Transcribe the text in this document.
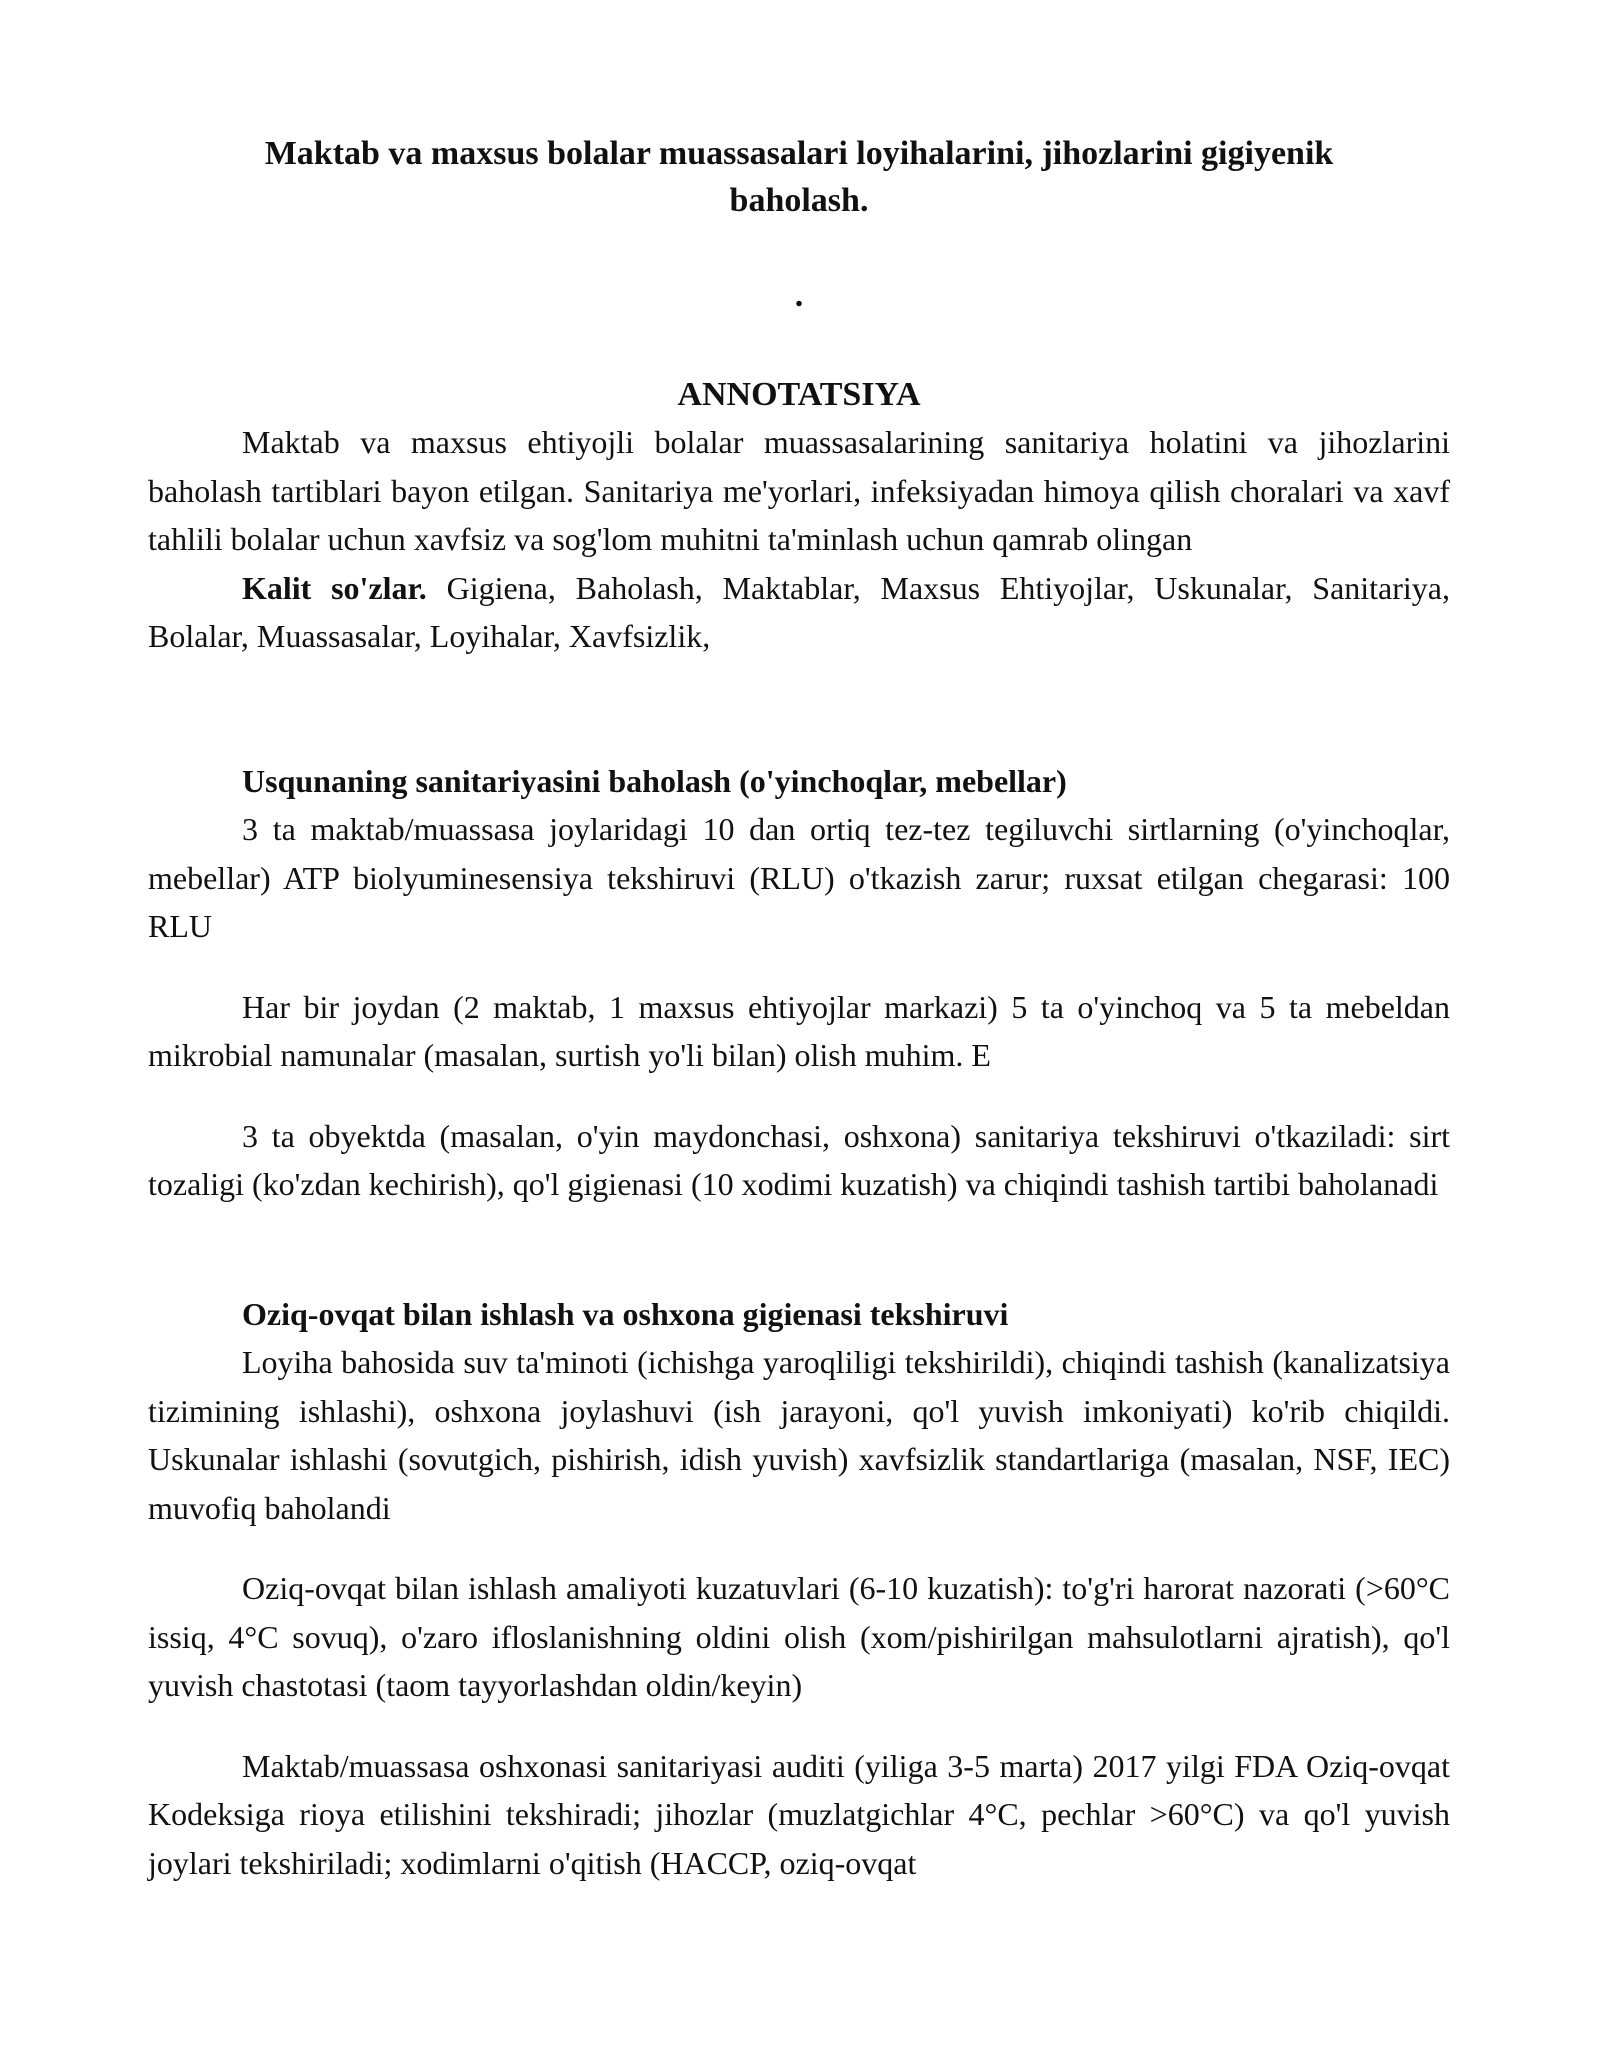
Maktab va maxsus bolalar muassasalari loyihalarini, jihozlarini gigiyenik baholash.
.
ANNOTATSIYA

Maktab va maxsus ehtiyojli bolalar muassasalarining sanitariya holatini va jihozlarini baholash tartiblari bayon etilgan. Sanitariya me'yorlari, infeksiyadan himoya qilish choralari va xavf tahlili bolalar uchun xavfsiz va sog'lom muhitni ta'minlash uchun qamrab olingan

Kalit so'zlar. Gigiena, Baholash, Maktablar, Maxsus Ehtiyojlar, Uskunalar, Sanitariya, Bolalar, Muassasalar, Loyihalar, Xavfsizlik,

Usqunaning sanitariyasini baholash (o'yinchoqlar, mebellar)

3 ta maktab/muassasa joylaridagi 10 dan ortiq tez-tez tegiluvchi sirtlarning (o'yinchoqlar, mebellar) ATP biolyuminesensiya tekshiruvi (RLU) o'tkazish zarur; ruxsat etilgan chegarasi: 100 RLU

Har bir joydan (2 maktab, 1 maxsus ehtiyojlar markazi) 5 ta o'yinchoq va 5 ta mebeldan mikrobial namunalar (masalan, surtish yo'li bilan) olish muhim. E

3 ta obyektda (masalan, o'yin maydonchasi, oshxona) sanitariya tekshiruvi o'tkaziladi: sirt tozaligi (ko'zdan kechirish), qo'l gigienasi (10 xodimi kuzatish) va chiqindi tashish tartibi baholanadi

Oziq-ovqat bilan ishlash va oshxona gigienasi tekshiruvi

Loyiha bahosida suv ta'minoti (ichishga yaroqliligi tekshirildi), chiqindi tashish (kanalizatsiya tizimining ishlashi), oshxona joylashuvi (ish jarayoni, qo'l yuvish imkoniyati) ko'rib chiqildi. Uskunalar ishlashi (sovutgich, pishirish, idish yuvish) xavfsizlik standartlariga (masalan, NSF, IEC) muvofiq baholandi

Oziq-ovqat bilan ishlash amaliyoti kuzatuvlari (6-10 kuzatish): to'g'ri harorat nazorati (>60°C issiq, 4°C sovuq), o'zaro ifloslanishning oldini olish (xom/pishirilgan mahsulotlarni ajratish), qo'l yuvish chastotasi (taom tayyorlashdan oldin/keyin)

Maktab/muassasa oshxonasi sanitariyasi auditi (yiliga 3-5 marta) 2017 yilgi FDA Oziq-ovqat Kodeksiga rioya etilishini tekshiradi; jihozlar (muzlatgichlar 4°C, pechlar >60°C) va qo'l yuvish joylari tekshiriladi; xodimlarni o'qitish (HACCP, oziq-ovqat
